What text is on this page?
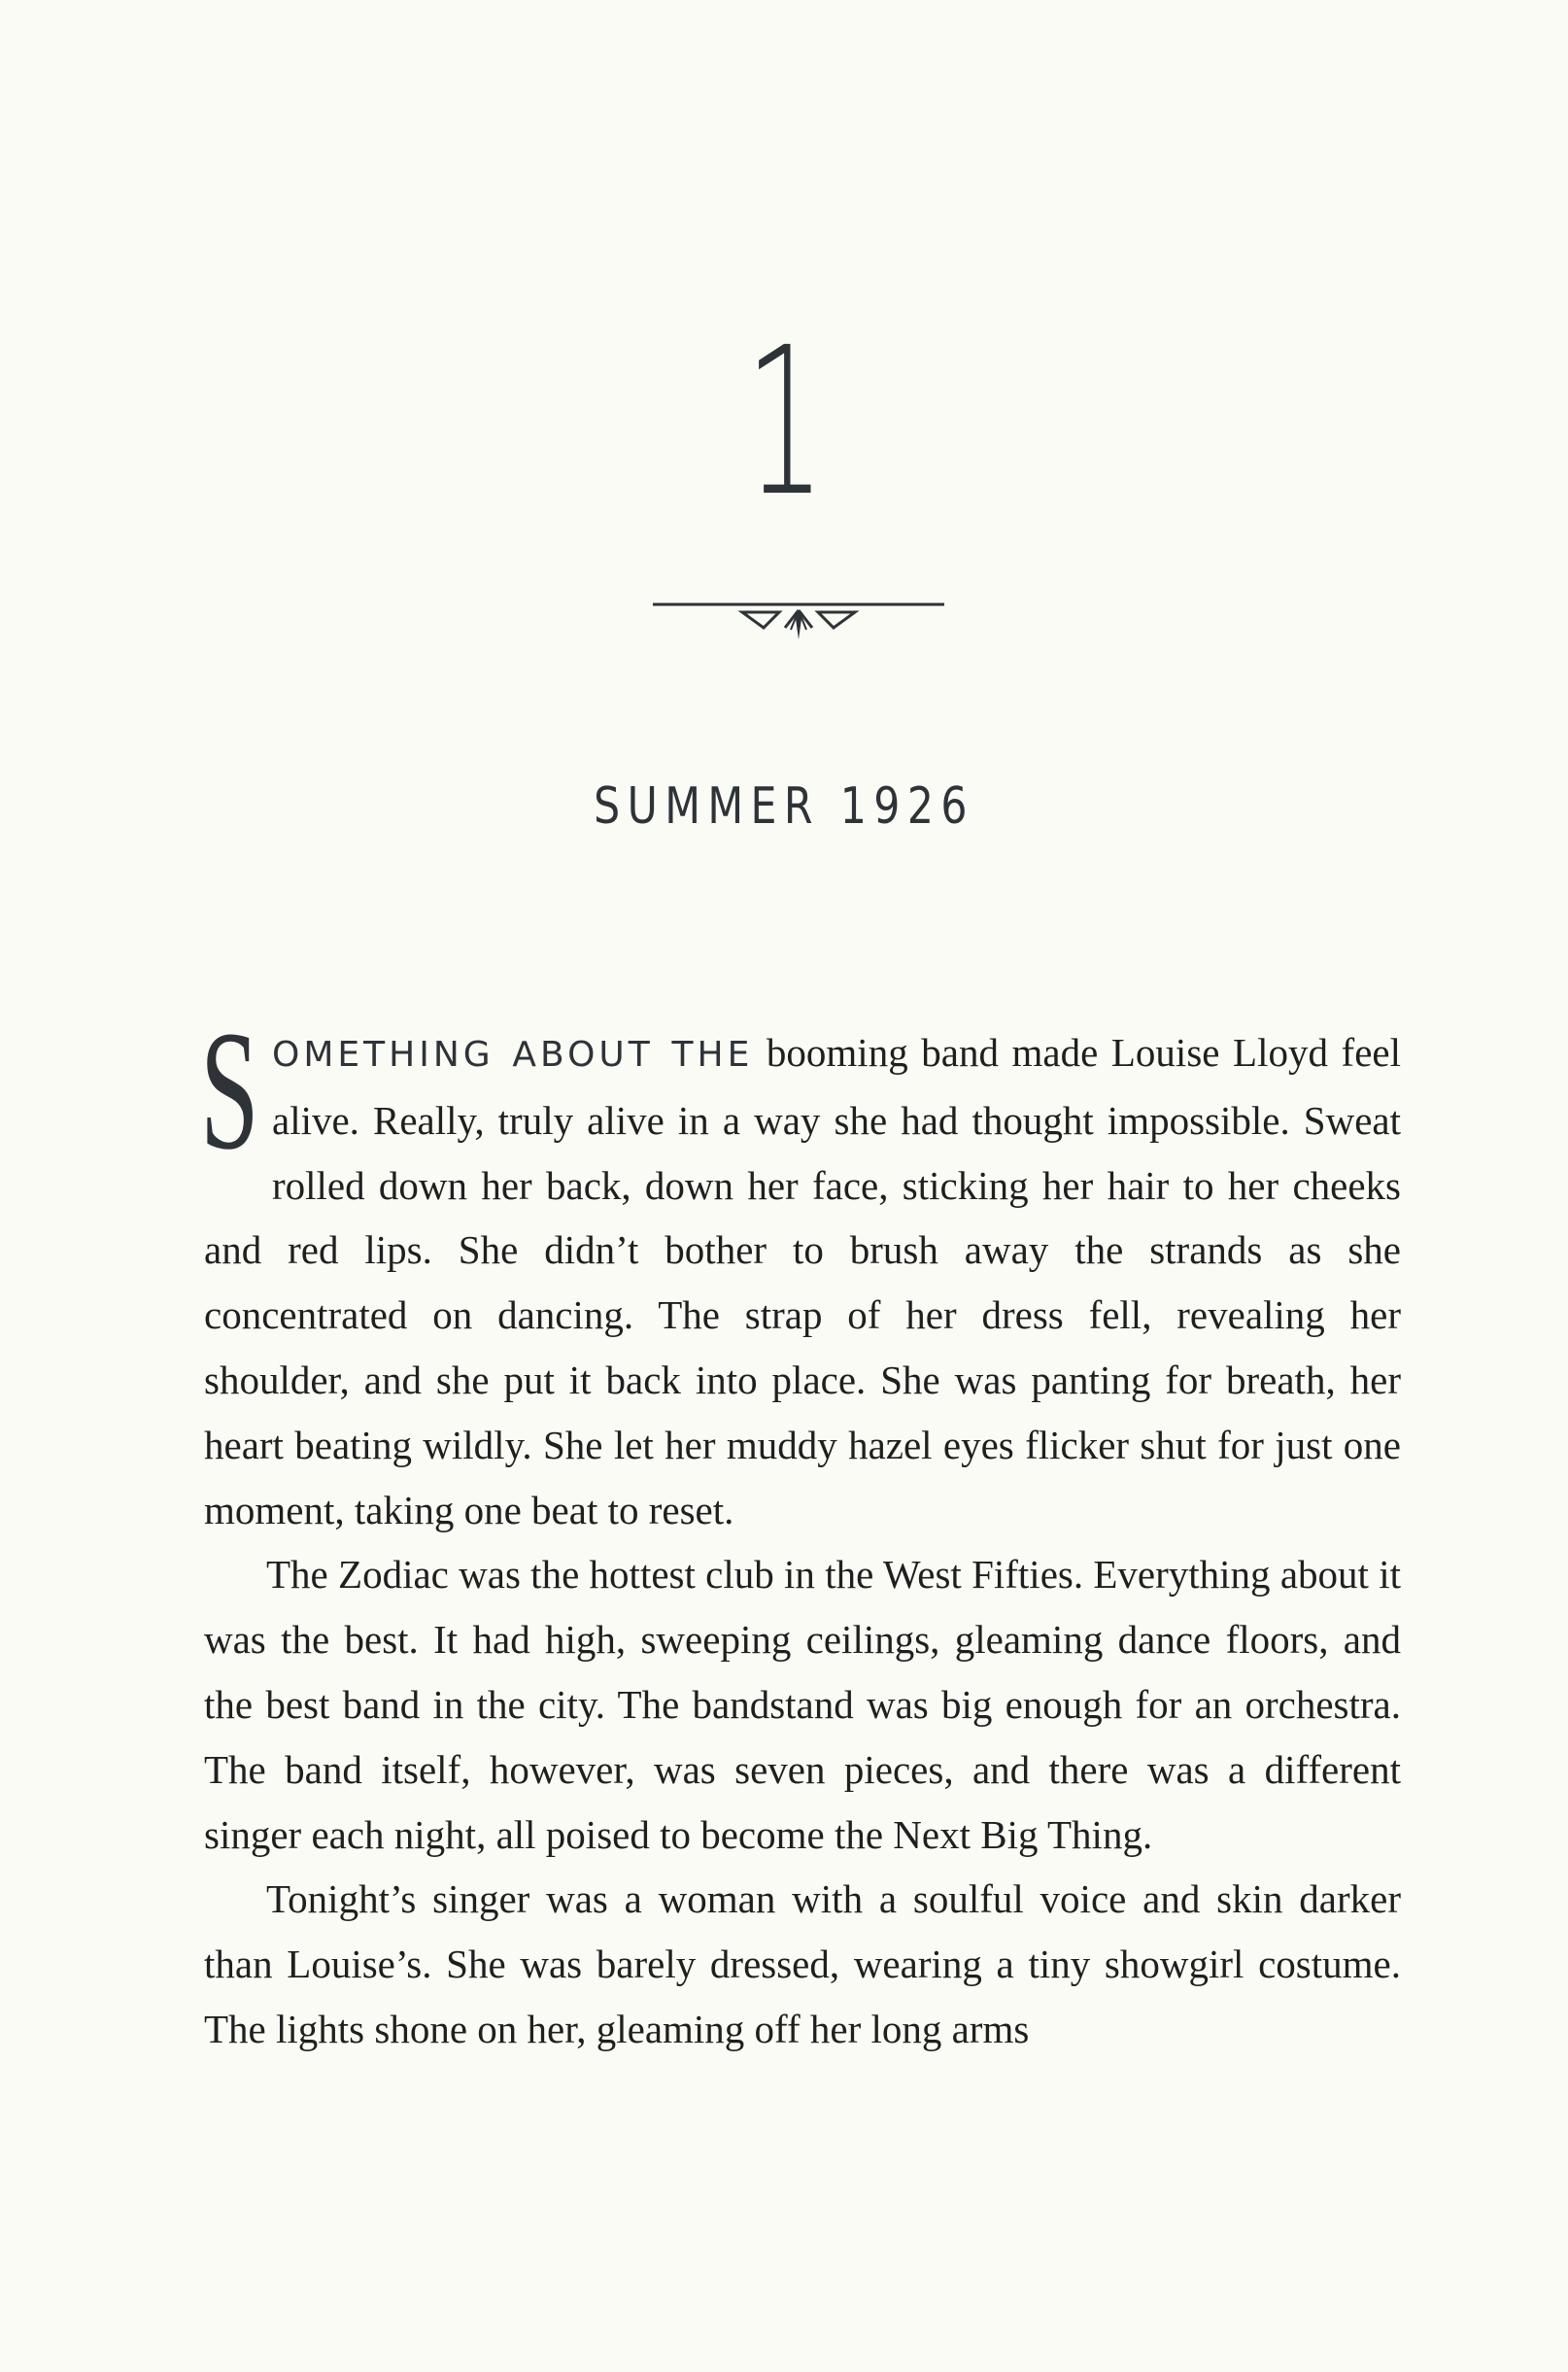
1
SUMMER 1926

SOMETHING ABOUT THE booming band made Louise Lloyd feel alive. Really, truly alive in a way she had thought impossible. Sweat rolled down her back, down her face, sticking her hair to her cheeks and red lips. She didn’t bother to brush away the strands as she concentrated on dancing. The strap of her dress fell, revealing her shoulder, and she put it back into place. She was panting for breath, her heart beating wildly. She let her muddy hazel eyes flicker shut for just one moment, taking one beat to reset.

The Zodiac was the hottest club in the West Fifties. Everything about it was the best. It had high, sweeping ceilings, gleaming dance floors, and the best band in the city. The bandstand was big enough for an orchestra. The band itself, however, was seven pieces, and there was a different singer each night, all poised to become the Next Big Thing.

Tonight’s singer was a woman with a soulful voice and skin darker than Louise’s. She was barely dressed, wearing a tiny showgirl costume. The lights shone on her, gleaming off her long arms
